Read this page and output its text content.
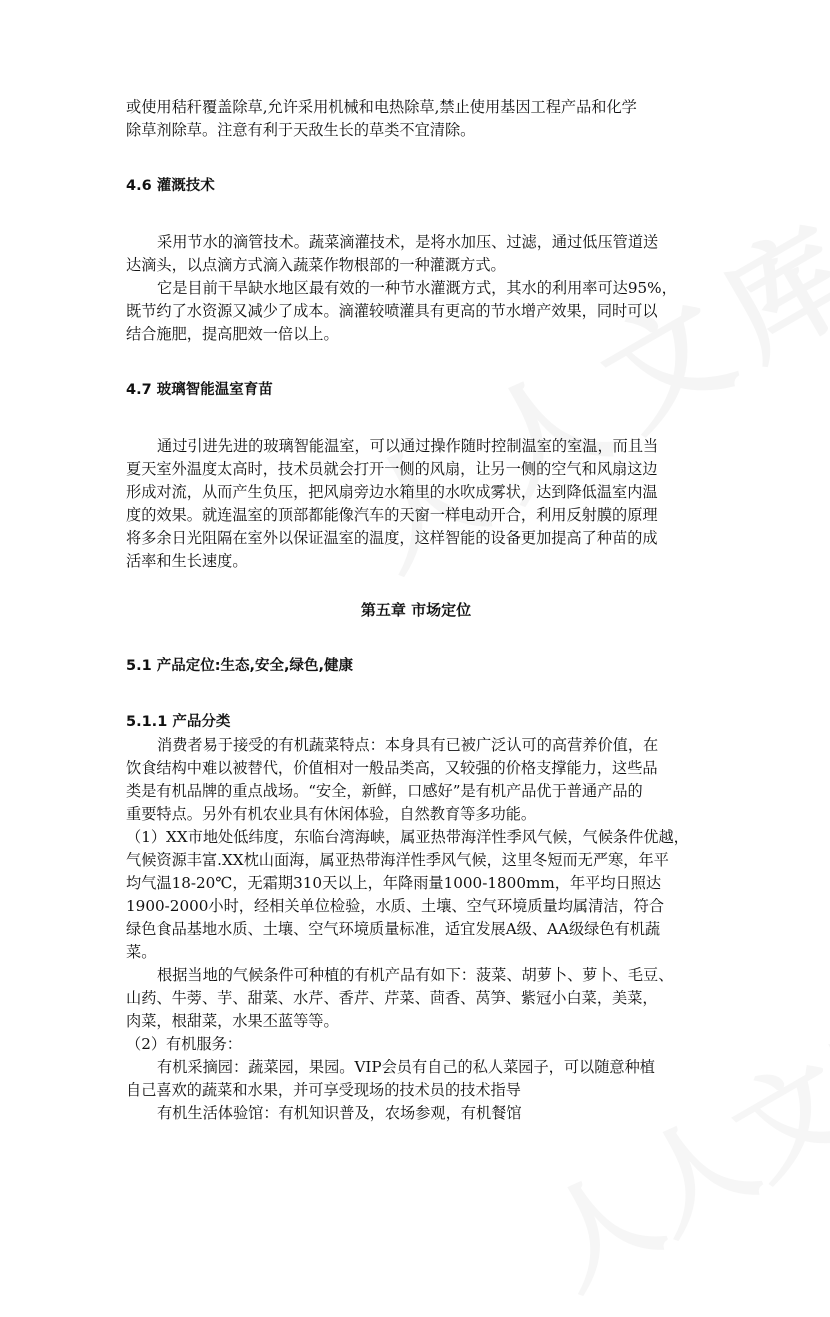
或使用秸秆覆盖除草,允许采用机械和电热除草,禁止使用基因工程产品和化学
除草剂除草。注意有利于天敌生长的草类不宜清除。
4.6 灌溉技术
采用节水的滴管技术。蔬菜滴灌技术，是将水加压、过滤，通过低压管道送
达滴头，以点滴方式滴入蔬菜作物根部的一种灌溉方式。
它是目前干旱缺水地区最有效的一种节水灌溉方式，其水的利用率可达95%，
既节约了水资源又减少了成本。滴灌较喷灌具有更高的节水增产效果，同时可以
结合施肥，提高肥效一倍以上。
4.7 玻璃智能温室育苗
通过引进先进的玻璃智能温室，可以通过操作随时控制温室的室温，而且当
夏天室外温度太高时，技术员就会打开一侧的风扇，让另一侧的空气和风扇这边
形成对流，从而产生负压，把风扇旁边水箱里的水吹成雾状，达到降低温室内温
度的效果。就连温室的顶部都能像汽车的天窗一样电动开合，利用反射膜的原理
将多余日光阻隔在室外以保证温室的温度，这样智能的设备更加提高了种苗的成
活率和生长速度。
第五章 市场定位
5.1 产品定位:生态,安全,绿色,健康
5.1.1 产品分类
消费者易于接受的有机蔬菜特点：本身具有已被广泛认可的高营养价值，在
饮食结构中难以被替代，价值相对一般品类高，又较强的价格支撑能力，这些品
类是有机品牌的重点战场。“安全，新鲜，口感好”是有机产品优于普通产品的
重要特点。另外有机农业具有休闲体验，自然教育等多功能。
（1）XX市地处低纬度，东临台湾海峡，属亚热带海洋性季风气候，气候条件优越，
气候资源丰富.XX枕山面海，属亚热带海洋性季风气候，这里冬短而无严寒，年平
均气温18-20℃，无霜期310天以上，年降雨量1000-1800mm，年平均日照达
1900-2000小时，经相关单位检验，水质、土壤、空气环境质量均属清洁，符合
绿色食品基地水质、土壤、空气环境质量标准，适宜发展A级、AA级绿色有机蔬
菜。
根据当地的气候条件可种植的有机产品有如下：菠菜、胡萝卜、萝卜、毛豆、
山药、牛蒡、芋、甜菜、水芹、香芹、芹菜、茴香、莴笋、紫冠小白菜，美菜，
肉菜，根甜菜，水果丕蓝等等。
（2）有机服务：
有机采摘园：蔬菜园，果园。VIP会员有自己的私人菜园子，可以随意种植
自己喜欢的蔬菜和水果，并可享受现场的技术员的技术指导
有机生活体验馆：有机知识普及，农场参观，有机餐馆
